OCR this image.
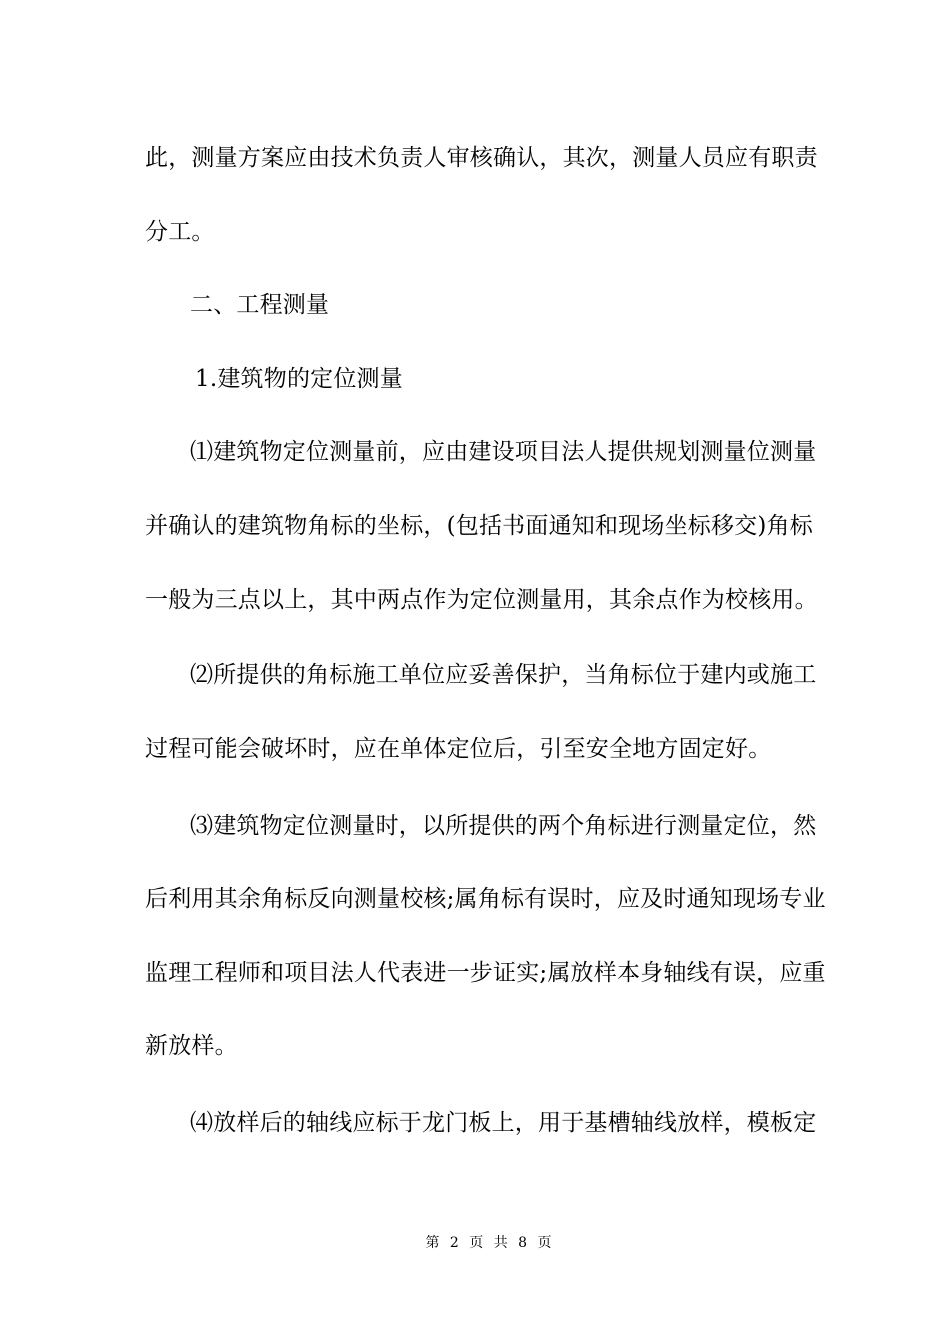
此，测量方案应由技术负责人审核确认，其次，测量人员应有职责
分工。
二、工程测量
1.建筑物的定位测量
⑴建筑物定位测量前，应由建设项目法人提供规划测量位测量
并确认的建筑物角标的坐标，(包括书面通知和现场坐标移交)角标
一般为三点以上，其中两点作为定位测量用，其余点作为校核用。
⑵所提供的角标施工单位应妥善保护，当角标位于建内或施工
过程可能会破坏时，应在单体定位后，引至安全地方固定好。
⑶建筑物定位测量时，以所提供的两个角标进行测量定位，然
后利用其余角标反向测量校核;属角标有误时，应及时通知现场专业
监理工程师和项目法人代表进一步证实;属放样本身轴线有误，应重
新放样。
⑷放样后的轴线应标于龙门板上，用于基槽轴线放样，模板定
第 2 页 共 8 页
